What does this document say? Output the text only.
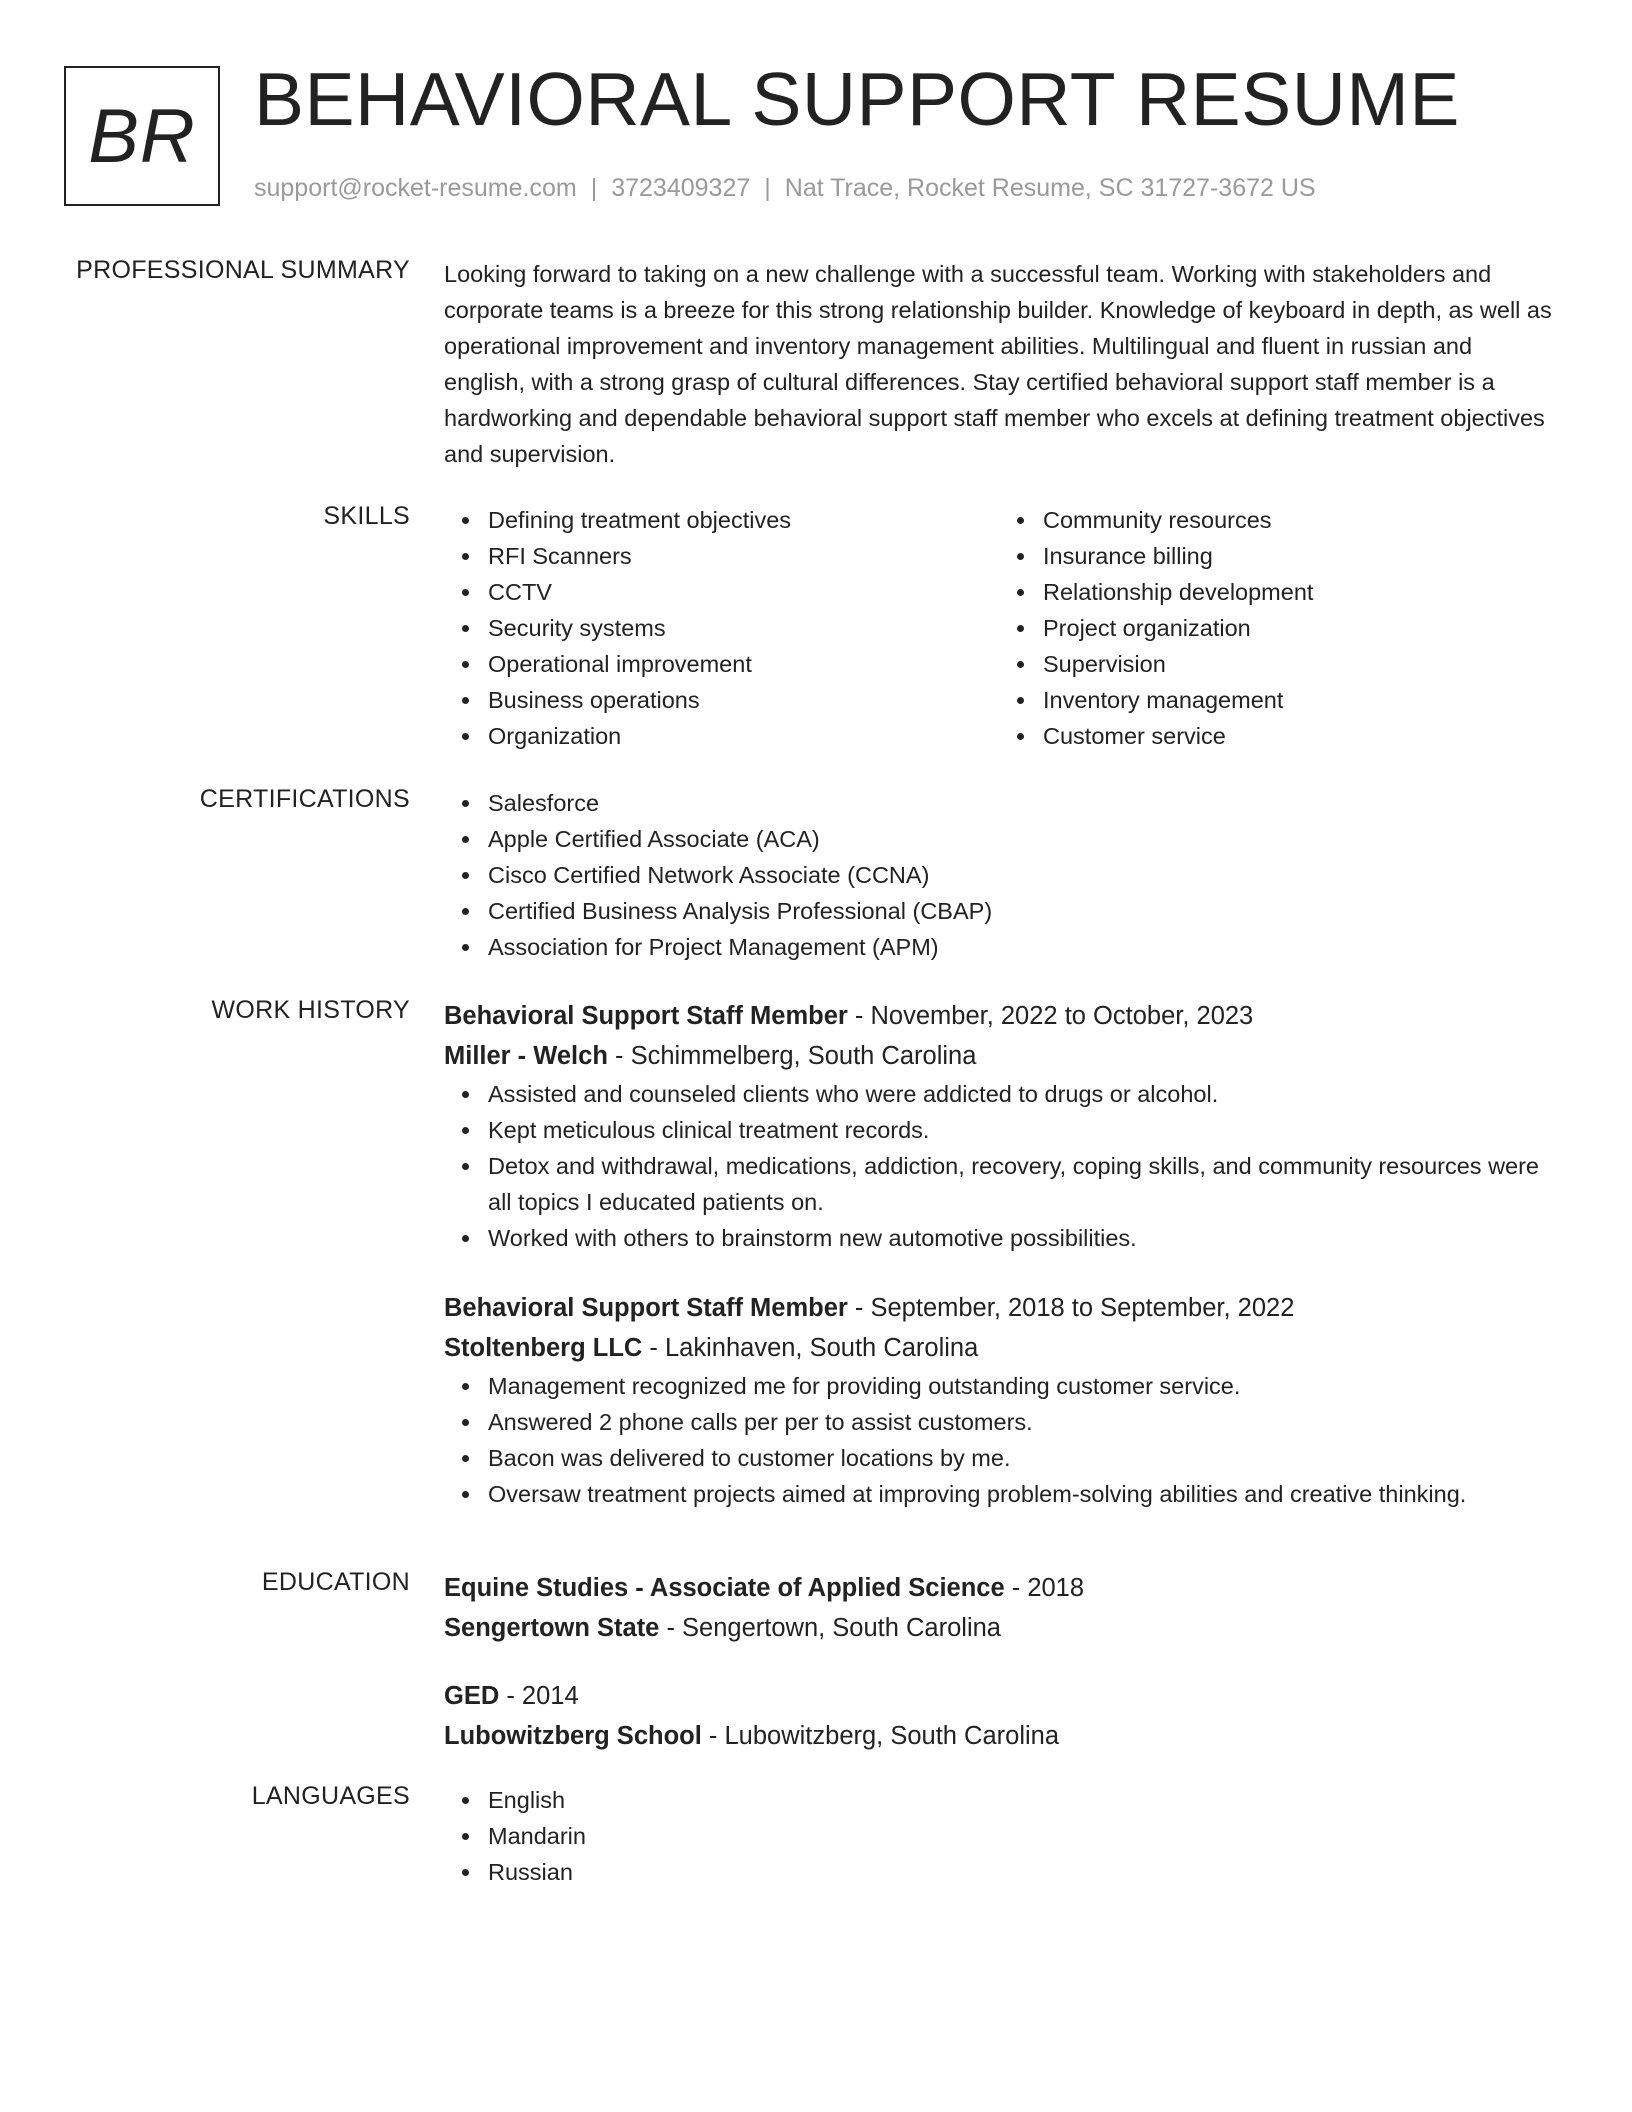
BR BEHAVIORAL SUPPORT RESUME
support@rocket-resume.com | 3723409327 | Nat Trace, Rocket Resume, SC 31727-3672 US
PROFESSIONAL SUMMARY Looking forward to taking on a new challenge with a successful team. Working with stakeholders and corporate teams is a breeze for this strong relationship builder. Knowledge of keyboard in depth, as well as operational improvement and inventory management abilities. Multilingual and fluent in russian and english, with a strong grasp of cultural differences. Stay certified behavioral support staff member is a hardworking and dependable behavioral support staff member who excels at defining treatment objectives and supervision.

SKILLS	Defining treatment objectives
RFI Scanners
CCTV
Security systems
Operational improvement
Business operations
Organization
Community resources
Insurance billing
Relationship development
Project organization
Supervision
Inventory management
Customer service
CERTIFICATIONS	Salesforce
Apple Certified Associate (ACA)
Cisco Certified Network Associate (CCNA)
Certified Business Analysis Professional (CBAP)
Association for Project Management (APM)
WORK HISTORY Behavioral Support Staff Member - November, 2022 to October, 2023
Miller - Welch - Schimmelberg, South Carolina
Assisted and counseled clients who were addicted to drugs or alcohol.
Kept meticulous clinical treatment records.
Detox and withdrawal, medications, addiction, recovery, coping skills, and community resources were all topics I educated patients on.
Worked with others to brainstorm new automotive possibilities.
Behavioral Support Staff Member - September, 2018 to September, 2022
Stoltenberg LLC - Lakinhaven, South Carolina
Management recognized me for providing outstanding customer service.
Answered 2 phone calls per per to assist customers.
Bacon was delivered to customer locations by me.
Oversaw treatment projects aimed at improving problem-solving abilities and creative thinking.
EDUCATION Equine Studies - Associate of Applied Science - 2018
Sengertown State - Sengertown, South Carolina
GED - 2014
Lubowitzberg School - Lubowitzberg, South Carolina
LANGUAGES	English
Mandarin
Russian
